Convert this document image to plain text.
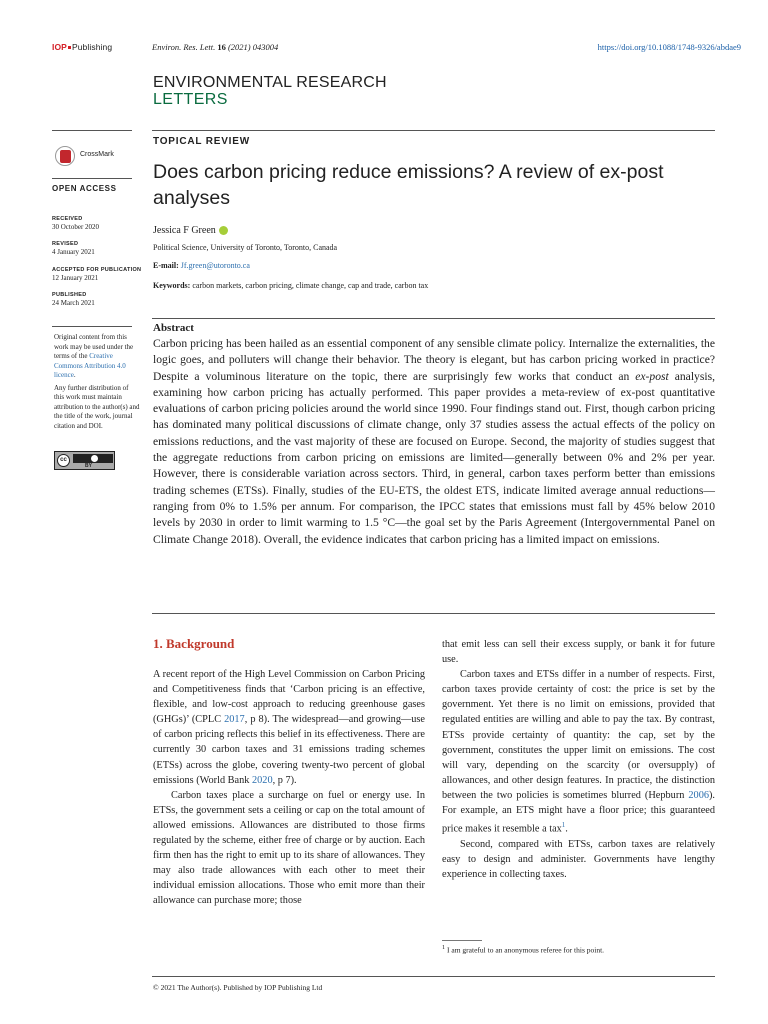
IOP Publishing	Environ. Res. Lett. 16 (2021) 043004	https://doi.org/10.1088/1748-9326/abdae9
ENVIRONMENTAL RESEARCH
LETTERS
CrossMark
OPEN ACCESS
RECEIVED
30 October 2020
REVISED
4 January 2021
ACCEPTED FOR PUBLICATION
12 January 2021
PUBLISHED
24 March 2021

Original content from this work may be used under the terms of the Creative Commons Attribution 4.0 licence.

Any further distribution of this work must maintain attribution to the author(s) and the title of the work, journal citation and DOI.

cc
BY
TOPICAL REVIEW
Does carbon pricing reduce emissions? A review of ex-post analyses
Jessica F Green
Political Science, University of Toronto, Toronto, Canada
E-mail: Jf.green@utoronto.ca
Keywords: carbon markets, carbon pricing, climate change, cap and trade, carbon tax
Abstract
Carbon pricing has been hailed as an essential component of any sensible climate policy. Internalize the externalities, the logic goes, and polluters will change their behavior. The theory is elegant, but has carbon pricing worked in practice? Despite a voluminous literature on the topic, there are surprisingly few works that conduct an ex-post analysis, examining how carbon pricing has actually performed. This paper provides a meta-review of ex-post quantitative evaluations of carbon pricing policies around the world since 1990. Four findings stand out. First, though carbon pricing has dominated many political discussions of climate change, only 37 studies assess the actual effects of the policy on emissions reductions, and the vast majority of these are focused on Europe. Second, the majority of studies suggest that the aggregate reductions from carbon pricing on emissions are limited—generally between 0% and 2% per year. However, there is considerable variation across sectors. Third, in general, carbon taxes perform better than emissions trading schemes (ETSs). Finally, studies of the EU-ETS, the oldest ETS, indicate limited average annual reductions—ranging from 0% to 1.5% per annum. For comparison, the IPCC states that emissions must fall by 45% below 2010 levels by 2030 in order to limit warming to 1.5 °C—the goal set by the Paris Agreement (Intergovernmental Panel on Climate Change 2018). Overall, the evidence indicates that carbon pricing has a limited impact on emissions.
1. Background

A recent report of the High Level Commission on Carbon Pricing and Competitiveness finds that ‘Carbon pricing is an effective, flexible, and low-cost approach to reducing greenhouse gases (GHGs)’ (CPLC 2017, p 8). The widespread—and growing—use of carbon pricing reflects this belief in its effectiveness. There are currently 30 carbon taxes and 31 emissions trading schemes (ETSs) across the globe, covering twenty-two percent of global emissions (World Bank 2020, p 7).

Carbon taxes place a surcharge on fuel or energy use. In ETSs, the government sets a ceiling or cap on the total amount of allowed emissions. Allowances are distributed to those firms regulated by the scheme, either free of charge or by auction. Each firm then has the right to emit up to its share of allowances. They may also trade allowances with each other to meet their individual emission allocations. Those who emit more than their allowance can purchase more; those

that emit less can sell their excess supply, or bank it for future use.

Carbon taxes and ETSs differ in a number of respects. First, carbon taxes provide certainty of cost: the price is set by the government. Yet there is no limit on emissions, provided that regulated entities are willing and able to pay the tax. By contrast, ETSs provide certainty of quantity: the cap, set by the government, constitutes the upper limit on emissions. The cost will vary, depending on the scarcity (or oversupply) of allowances, and other design features. In practice, the distinction between the two policies is sometimes blurred (Hepburn 2006). For example, an ETS might have a floor price; this guaranteed price makes it resemble a tax$^1$.

Second, compared with ETSs, carbon taxes are relatively easy to design and administer. Governments have lengthy experience in collecting taxes.

$^1$ I am grateful to an anonymous referee for this point.
© 2021 The Author(s). Published by IOP Publishing Ltd
